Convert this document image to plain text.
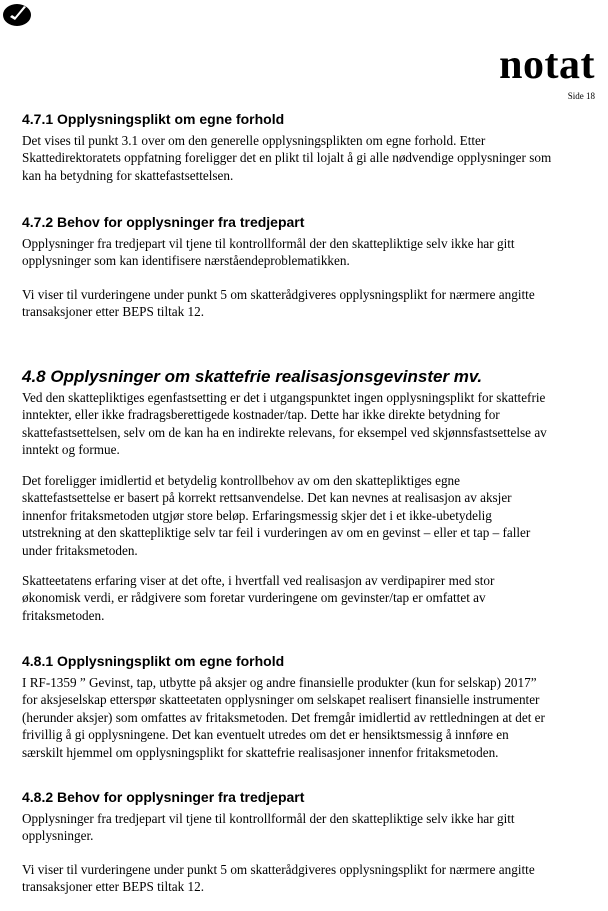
notat
Side 18
4.7.1 Opplysningsplikt om egne forhold

Det vises til punkt 3.1 over om den generelle opplysningsplikten om egne forhold. Etter
Skattedirektoratets oppfatning foreligger det en plikt til lojalt å gi alle nødvendige opplysninger som
kan ha betydning for skattefastsettelsen.

4.7.2 Behov for opplysninger fra tredjepart

Opplysninger fra tredjepart vil tjene til kontrollformål der den skattepliktige selv ikke har gitt
opplysninger som kan identifisere nærståendeproblematikken.

Vi viser til vurderingene under punkt 5 om skatterådgiveres opplysningsplikt for nærmere angitte
transaksjoner etter BEPS tiltak 12.

4.8 Opplysninger om skattefrie realisasjonsgevinster mv.

Ved den skattepliktiges egenfastsetting er det i utgangspunktet ingen opplysningsplikt for skattefrie
inntekter, eller ikke fradragsberettigede kostnader/tap. Dette har ikke direkte betydning for
skattefastsettelsen, selv om de kan ha en indirekte relevans, for eksempel ved skjønnsfastsettelse av
inntekt og formue.

Det foreligger imidlertid et betydelig kontrollbehov av om den skattepliktiges egne
skattefastsettelse er basert på korrekt rettsanvendelse. Det kan nevnes at realisasjon av aksjer
innenfor fritaksmetoden utgjør store beløp. Erfaringsmessig skjer det i et ikke-ubetydelig
utstrekning at den skattepliktige selv tar feil i vurderingen av om en gevinst – eller et tap – faller
under fritaksmetoden.

Skatteetatens erfaring viser at det ofte, i hvertfall ved realisasjon av verdipapirer med stor
økonomisk verdi, er rådgivere som foretar vurderingene om gevinster/tap er omfattet av
fritaksmetoden.

4.8.1 Opplysningsplikt om egne forhold

I RF-1359 ” Gevinst, tap, utbytte på aksjer og andre finansielle produkter (kun for selskap) 2017”
for aksjeselskap etterspør skatteetaten opplysninger om selskapet realisert finansielle instrumenter
(herunder aksjer) som omfattes av fritaksmetoden. Det fremgår imidlertid av rettledningen at det er
frivillig å gi opplysningene. Det kan eventuelt utredes om det er hensiktsmessig å innføre en
særskilt hjemmel om opplysningsplikt for skattefrie realisasjoner innenfor fritaksmetoden.

4.8.2 Behov for opplysninger fra tredjepart

Opplysninger fra tredjepart vil tjene til kontrollformål der den skattepliktige selv ikke har gitt
opplysninger.

Vi viser til vurderingene under punkt 5 om skatterådgiveres opplysningsplikt for nærmere angitte
transaksjoner etter BEPS tiltak 12.
